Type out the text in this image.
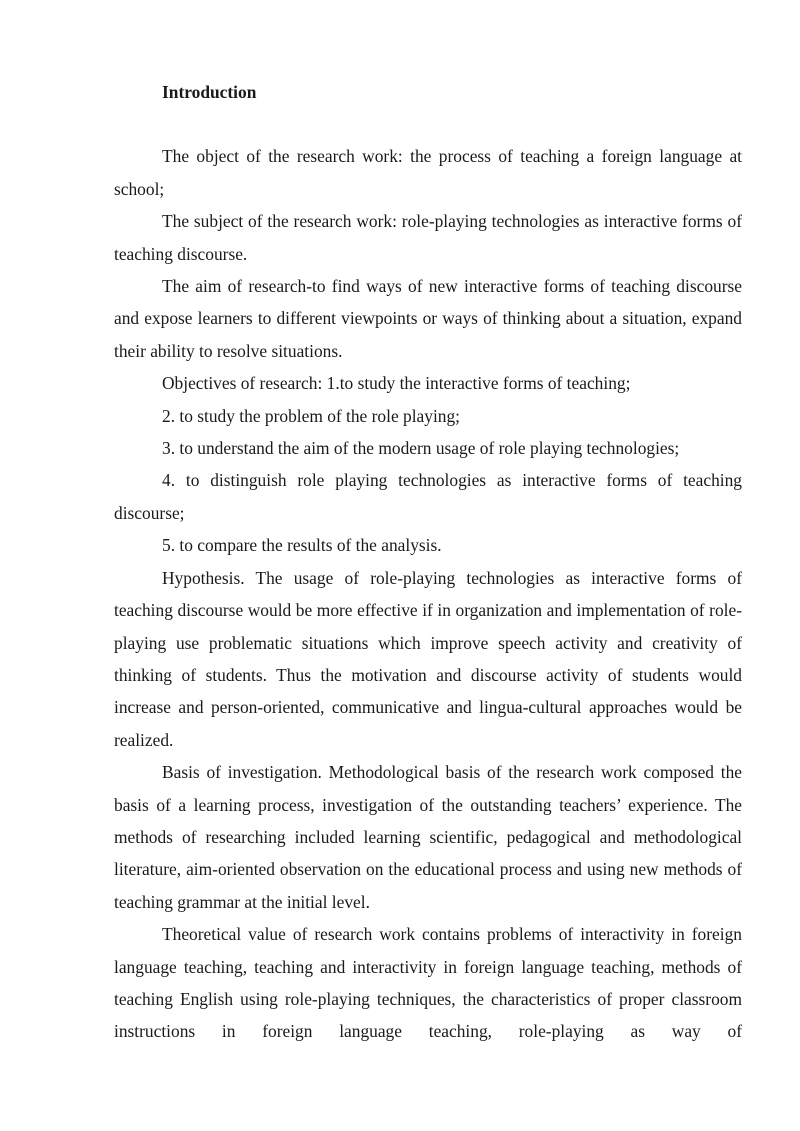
Introduction

The object of the research work: the process of teaching a foreign language at school;

The subject of the research work: role-playing technologies as interactive forms of teaching discourse.

The aim of research-to find ways of new interactive forms of teaching discourse and expose learners to different viewpoints or ways of thinking about a situation, expand their ability to resolve situations.

Objectives of research: 1.to study the interactive forms of teaching;

2. to study the problem of the role playing;

3. to understand the aim of the modern usage of role playing technologies;

4. to distinguish role playing technologies as interactive forms of teaching discourse;

5. to compare the results of the analysis.

Hypothesis. The usage of role-playing technologies as interactive forms of teaching discourse would be more effective if in organization and implementation of role-playing use problematic situations which improve speech activity and creativity of thinking of students. Thus the motivation and discourse activity of students would increase and person-oriented, communicative and lingua-cultural approaches would be realized.

Basis of investigation. Methodological basis of the research work composed the basis of a learning process, investigation of the outstanding teachers’ experience. The methods of researching included learning scientific, pedagogical and methodological literature, aim-oriented observation on the educational process and using new methods of teaching grammar at the initial level.

Theoretical value of research work contains problems of interactivity in foreign language teaching, teaching and interactivity in foreign language teaching, methods of teaching English using role-playing techniques, the characteristics of proper classroom instructions in foreign language teaching, role-playing as way of
